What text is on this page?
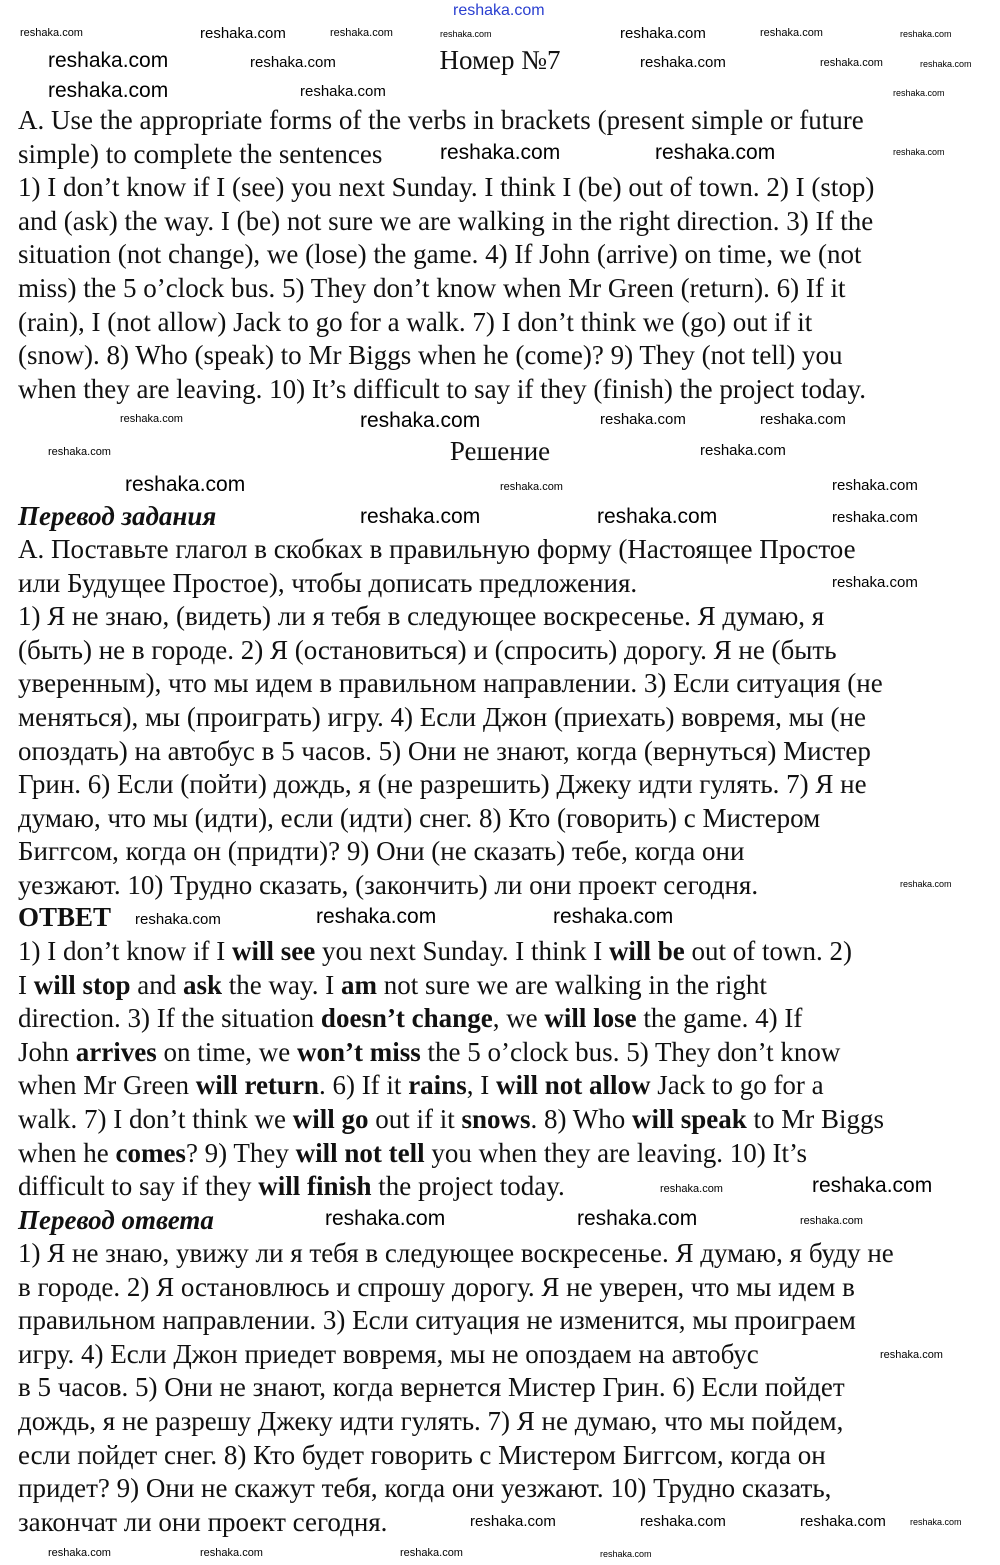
reshaka.com
Номер №7
A. Use the appropriate forms of the verbs in brackets (present simple or future
simple) to complete the sentences
1) I don’t know if I (see) you next Sunday. I think I (be) out of town. 2) I (stop)
and (ask) the way. I (be) not sure we are walking in the right direction. 3) If the
situation (not change), we (lose) the game. 4) If John (arrive) on time, we (not
miss) the 5 o’clock bus. 5) They don’t know when Mr Green (return). 6) If it
(rain), I (not allow) Jack to go for a walk. 7) I don’t think we (go) out if it
(snow). 8) Who (speak) to Mr Biggs when he (come)? 9) They (not tell) you
when they are leaving. 10) It’s difficult to say if they (finish) the project today.
Решение
Перевод задания
А. Поставьте глагол в скобках в правильную форму (Настоящее Простое
или Будущее Простое), чтобы дописать предложения.
1) Я не знаю, (видеть) ли я тебя в следующее воскресенье. Я думаю, я
(быть) не в городе. 2) Я (остановиться) и (спросить) дорогу. Я не (быть
уверенным), что мы идем в правильном направлении. 3) Если ситуация (не
меняться), мы (проиграть) игру. 4) Если Джон (приехать) вовремя, мы (не
опоздать) на автобус в 5 часов. 5) Они не знают, когда (вернуться) Мистер
Грин. 6) Если (пойти) дождь, я (не разрешить) Джеку идти гулять. 7) Я не
думаю, что мы (идти), если (идти) снег. 8) Кто (говорить) с Мистером
Биггсом, когда он (придти)? 9) Они (не сказать) тебе, когда они
уезжают. 10) Трудно сказать, (закончить) ли они проект сегодня.
ОТВЕТ
1) I don’t know if I will see you next Sunday. I think I will be out of town. 2)
I will stop and ask the way. I am not sure we are walking in the right
direction. 3) If the situation doesn’t change, we will lose the game. 4) If
John arrives on time, we won’t miss the 5 o’clock bus. 5) They don’t know
when Mr Green will return. 6) If it rains, I will not allow Jack to go for a
walk. 7) I don’t think we will go out if it snows. 8) Who will speak to Mr Biggs
when he comes? 9) They will not tell you when they are leaving. 10) It’s
difficult to say if they will finish the project today.
Перевод ответа
1) Я не знаю, увижу ли я тебя в следующее воскресенье. Я думаю, я буду не
в городе. 2) Я остановлюсь и спрошу дорогу. Я не уверен, что мы идем в
правильном направлении. 3) Если ситуация не изменится, мы проиграем
игру. 4) Если Джон приедет вовремя, мы не опоздаем на автобус
в 5 часов. 5) Они не знают, когда вернется Мистер Грин. 6) Если пойдет
дождь, я не разрешу Джеку идти гулять. 7) Я не думаю, что мы пойдем,
если пойдет снег. 8) Кто будет говорить с Мистером Биггсом, когда он
придет? 9) Они не скажут тебя, когда они уезжают. 10) Трудно сказать,
закончат ли они проект сегодня.
reshaka.com
reshaka.com
reshaka.com	reshaka.com
reshaka.com
reshaka.com
reshaka.com	reshaka.com
reshaka.com	reshaka.com
reshaka.com
reshaka.com	reshaka.com
reshaka.com	reshaka.com
reshaka.com	reshaka.com
reshaka.com
reshaka.com	reshaka.com
reshaka.com
reshaka.com
reshaka.com
reshaka.com
reshaka.com
reshaka.com	reshaka.com	reshaka.com
reshaka.com	reshaka.com	reshaka.com
reshaka.com
reshaka.com
reshaka.com
reshaka.com
reshaka.com
reshaka.com
reshaka.com
reshaka.com	reshaka.com	reshaka.com
reshaka.com	reshaka.com
reshaka.com
reshaka.com
reshaka.com
reshaka.com
reshaka.com
reshaka.com
